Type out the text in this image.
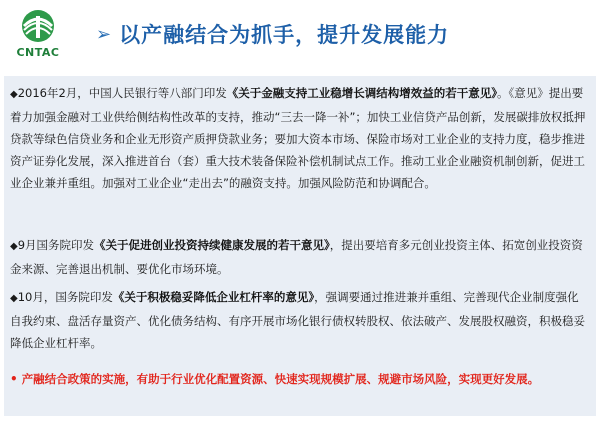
CNTAC
➢ 以产融结合为抓手，提升发展能力
◆2016年2月，中国人民银行等八部门印发《关于金融支持工业稳增长调结构增效益的若干意见》。《意见》提出要着力加强金融对工业供给侧结构性改革的支持，推动“三去一降一补”；加快工业信贷产品创新，发展碳排放权抵押贷款等绿色信贷业务和企业无形资产质押贷款业务；要加大资本市场、保险市场对工业企业的支持力度，稳步推进资产证券化发展，深入推进首台（套）重大技术装备保险补偿机制试点工作。推动工业企业融资机制创新，促进工业企业兼并重组。加强对工业企业“走出去”的融资支持。加强风险防范和协调配合。
◆9月国务院印发《关于促进创业投资持续健康发展的若干意见》，提出要培育多元创业投资主体、拓宽创业投资资金来源、完善退出机制、要优化市场环境。
◆10月，国务院印发《关于积极稳妥降低企业杠杆率的意见》，强调要通过推进兼并重组、完善现代企业制度强化自我约束、盘活存量资产、优化债务结构、有序开展市场化银行债权转股权、依法破产、发展股权融资，积极稳妥降低企业杠杆率。
• 产融结合政策的实施，有助于行业优化配置资源、快速实现规模扩展、规避市场风险，实现更好发展。
